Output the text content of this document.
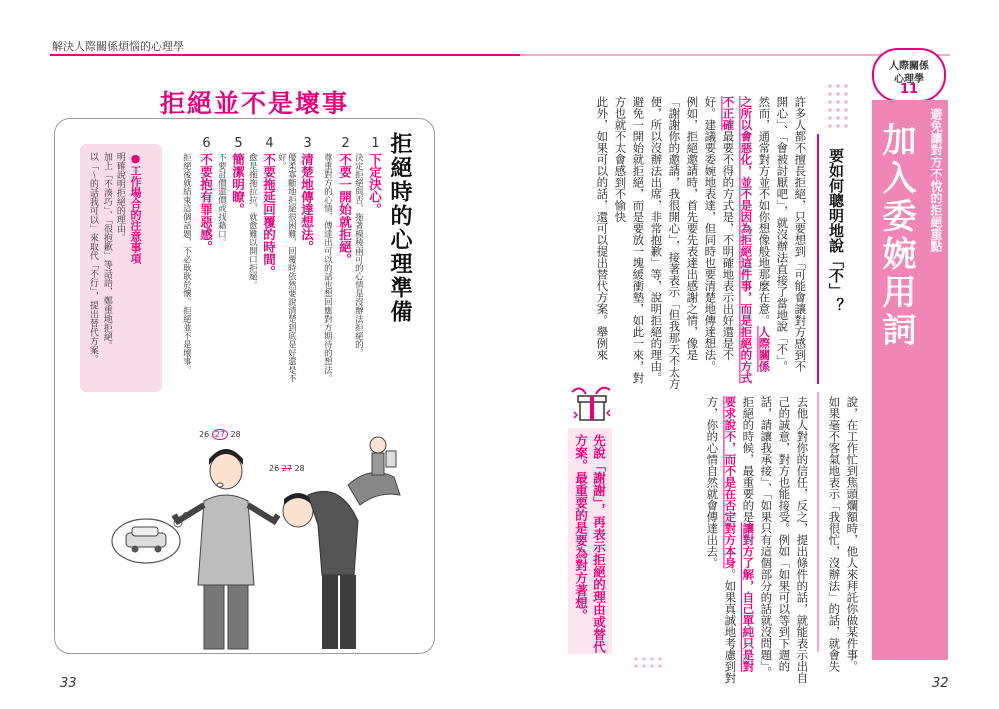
解決人際關係煩惱的心理學
拒絕並不是壞事
拒絕時的心理準備
1
下定決心。
決定拒絕與否，拖著模稜兩可的心情是沒辦法拒絕的。
2
不要一開始就拒絕。
尊重對方的心情，傳達出可以的話也想回應對方期待的想法。
3
清楚地傳達想法。
優柔寡斷地拒絕很困難，回覆時依然要說清楚到底是好還是不
好。
4
不要拖延回覆的時間。
愈是拖拖拉拉，就愈難以開口拒絕。
5
簡潔明瞭。
不要討價還價或找藉口。
6
不要抱有罪惡感。
拒絕後就結束這個話題，不必耿耿於懷。拒絕並不是壞事。
●工作場合的注意事項
明確說明拒絕的理由。
加上「不湊巧」、「很抱歉」等話語，鄭重地拒絕。
以「～的話我可以」來取代「不行」，提出替代方案。
26 27 28
26 27 28
33
人際關係
心理學
11
避免讓對方不悅的拒絕重點
加入委婉用詞
要如何聰明地說「不」？
許多人都不擅長拒絕，只要想到「可能會讓對方感到不
開心」、「會被討厭吧」，就沒辦法直接了當地說「不」。
然而，通常對方並不如你想像般地那麼在意。人際關係
之所以會惡化，並不是因為拒絕這件事，而是拒絕的方式
不正確最要不得的方式是，不明確地表示出好還是不
好。建議要委婉地表達，但同時也要清楚地傳達想法。
例如，拒絕邀請時，首先要先表達出感謝之情，像是
「謝謝你的邀請，我很開心」，接著表示「但我那天不太方
便，所以沒辦法出席，非常抱歉」等，說明拒絕的理由。
避免一開始就拒絕，而是要放一塊緩衝墊，如此一來，對
方也就不太會感到不愉快
此外，如果可以的話，還可以提出替代方案。舉例來
說，在工作忙到焦頭爛額時，他人來拜託你做某件事。
如果毫不客氣地表示「我很忙，沒辦法」的話，就會失
去他人對你的信任，反之，提出條件的話，就能表示出自
己的誠意，對方也能接受。例如「如果可以等到下週的
話，請讓我承接」、「如果只有這個部分的話就沒問題」。
拒絕的時候，最重要的是讓對方了解，自己單純只是對
要求說不，而不是在否定對方本身。如果真誠地考慮到對
方，你的心情自然就會傳達出去。
先說「謝謝」，再表示拒絕的理由或替代
方案。最重要的是要為對方著想。
32
